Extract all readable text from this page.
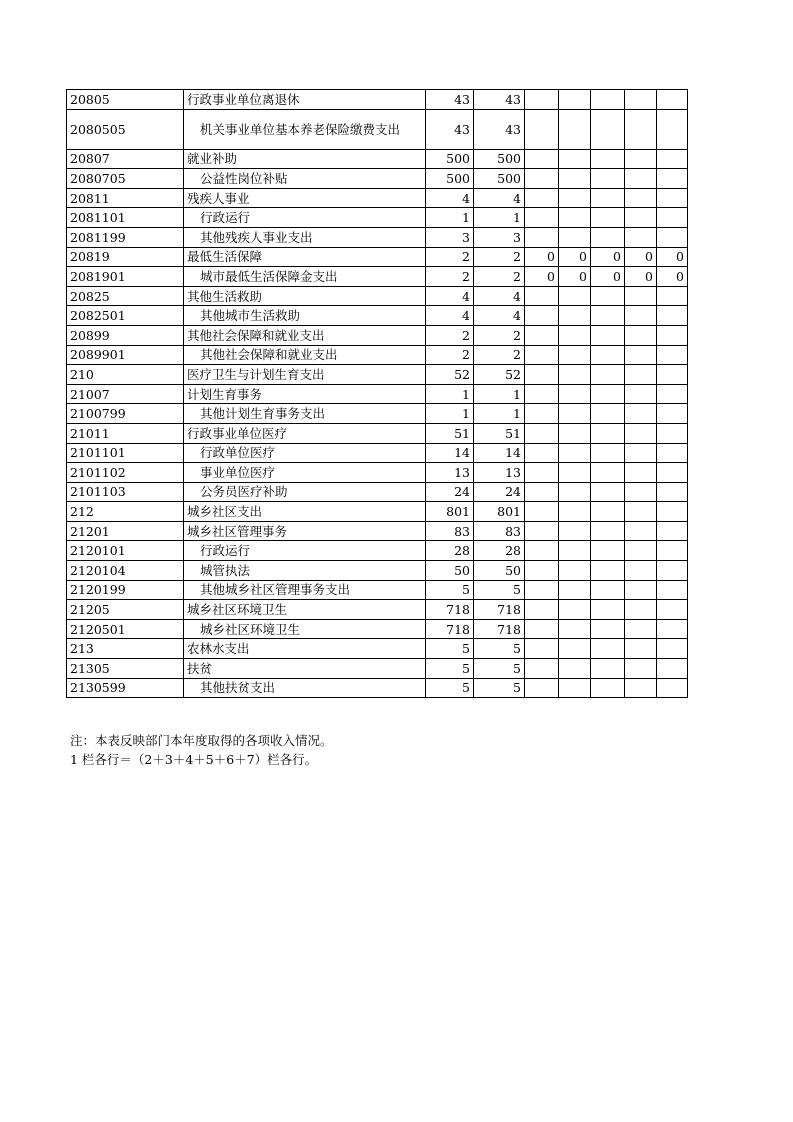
20805	行政事业单位离退休	43	43					
2080505	机关事业单位基本养老保险缴费支出	43	43					
20807	就业补助	500	500					
2080705	公益性岗位补贴	500	500					
20811	残疾人事业	4	4					
2081101	行政运行	1	1					
2081199	其他残疾人事业支出	3	3					
20819	最低生活保障	2	2	0	0	0	0	0
2081901	城市最低生活保障金支出	2	2	0	0	0	0	0
20825	其他生活救助	4	4					
2082501	其他城市生活救助	4	4					
20899	其他社会保障和就业支出	2	2					
2089901	其他社会保障和就业支出	2	2					
210	医疗卫生与计划生育支出	52	52					
21007	计划生育事务	1	1					
2100799	其他计划生育事务支出	1	1					
21011	行政事业单位医疗	51	51					
2101101	行政单位医疗	14	14					
2101102	事业单位医疗	13	13					
2101103	公务员医疗补助	24	24					
212	城乡社区支出	801	801					
21201	城乡社区管理事务	83	83					
2120101	行政运行	28	28					
2120104	城管执法	50	50					
2120199	其他城乡社区管理事务支出	5	5					
21205	城乡社区环境卫生	718	718					
2120501	城乡社区环境卫生	718	718					
213	农林水支出	5	5					
21305	扶贫	5	5					
2130599	其他扶贫支出	5	5					
注：本表反映部门本年度取得的各项收入情况。
1 栏各行＝（2＋3＋4＋5＋6＋7）栏各行。
